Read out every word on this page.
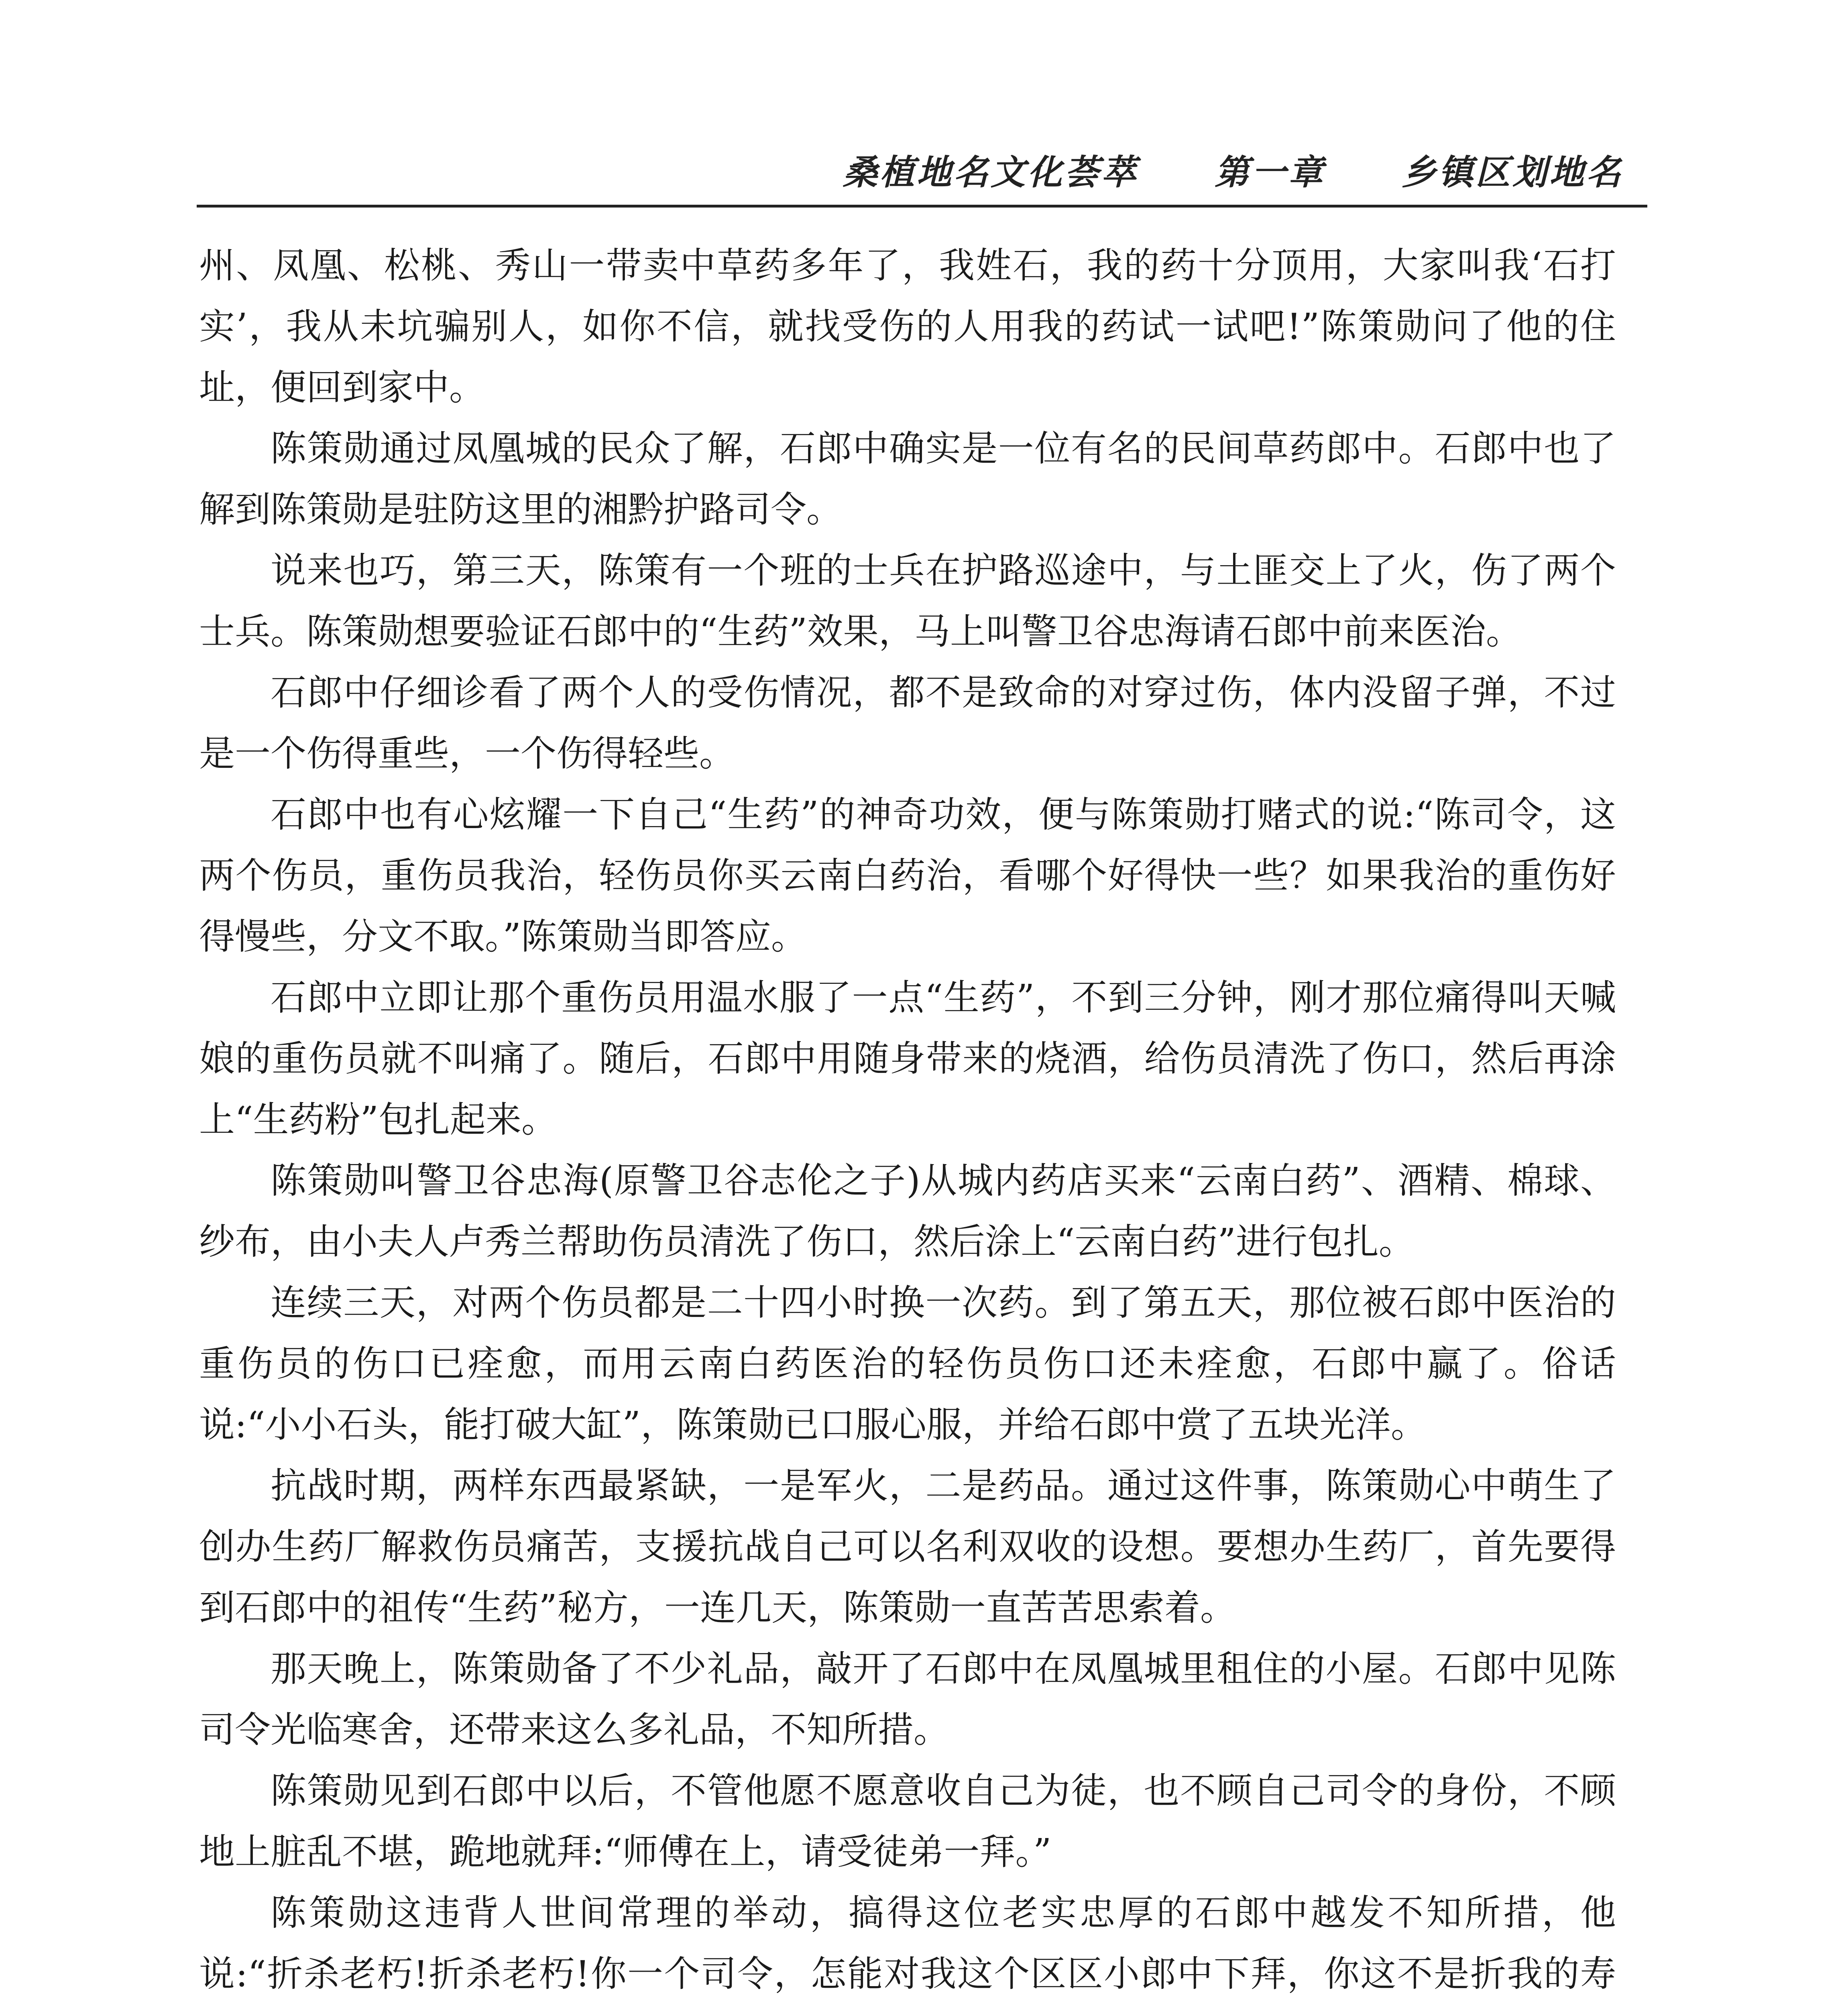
桑植地名文化荟萃 第一章 乡镇区划地名

州、凤凰、松桃、秀山一带卖中草药多年了，我姓石，我的药十分顶用，大家叫我‘石打实’，我从未坑骗别人，如你不信，就找受伤的人用我的药试一试吧!”陈策勋问了他的住址，便回到家中。

陈策勋通过凤凰城的民众了解，石郎中确实是一位有名的民间草药郎中。石郎中也了解到陈策勋是驻防这里的湘黔护路司令。

说来也巧，第三天，陈策有一个班的士兵在护路巡途中，与土匪交上了火，伤了两个士兵。陈策勋想要验证石郎中的“生药”效果，马上叫警卫谷忠海请石郎中前来医治。

石郎中仔细诊看了两个人的受伤情况，都不是致命的对穿过伤，体内没留子弹，不过是一个伤得重些，一个伤得轻些。

石郎中也有心炫耀一下自己“生药”的神奇功效，便与陈策勋打赌式的说:“陈司令，这两个伤员，重伤员我治，轻伤员你买云南白药治，看哪个好得快一些？如果我治的重伤好得慢些，分文不取。”陈策勋当即答应。

石郎中立即让那个重伤员用温水服了一点“生药”，不到三分钟，刚才那位痛得叫天喊娘的重伤员就不叫痛了。随后，石郎中用随身带来的烧酒，给伤员清洗了伤口，然后再涂上“生药粉”包扎起来。

陈策勋叫警卫谷忠海(原警卫谷志伦之子)从城内药店买来“云南白药”、酒精、棉球、纱布，由小夫人卢秀兰帮助伤员清洗了伤口，然后涂上“云南白药”进行包扎。

连续三天，对两个伤员都是二十四小时换一次药。到了第五天，那位被石郎中医治的重伤员的伤口已痊愈，而用云南白药医治的轻伤员伤口还未痊愈，石郎中赢了。俗话说:“小小石头，能打破大缸”，陈策勋已口服心服，并给石郎中赏了五块光洋。

抗战时期，两样东西最紧缺，一是军火，二是药品。通过这件事，陈策勋心中萌生了创办生药厂解救伤员痛苦，支援抗战自己可以名利双收的设想。要想办生药厂，首先要得到石郎中的祖传“生药”秘方，一连几天，陈策勋一直苦苦思索着。

那天晚上，陈策勋备了不少礼品，敲开了石郎中在凤凰城里租住的小屋。石郎中见陈司令光临寒舍，还带来这么多礼品，不知所措。

陈策勋见到石郎中以后，不管他愿不愿意收自己为徒，也不顾自己司令的身份，不顾地上脏乱不堪，跪地就拜:“师傅在上，请受徒弟一拜。”

陈策勋这违背人世间常理的举动，搞得这位老实忠厚的石郎中越发不知所措，他说:“折杀老朽!折杀老朽!你一个司令，怎能对我这个区区小郎中下拜，你这不是折我的寿
